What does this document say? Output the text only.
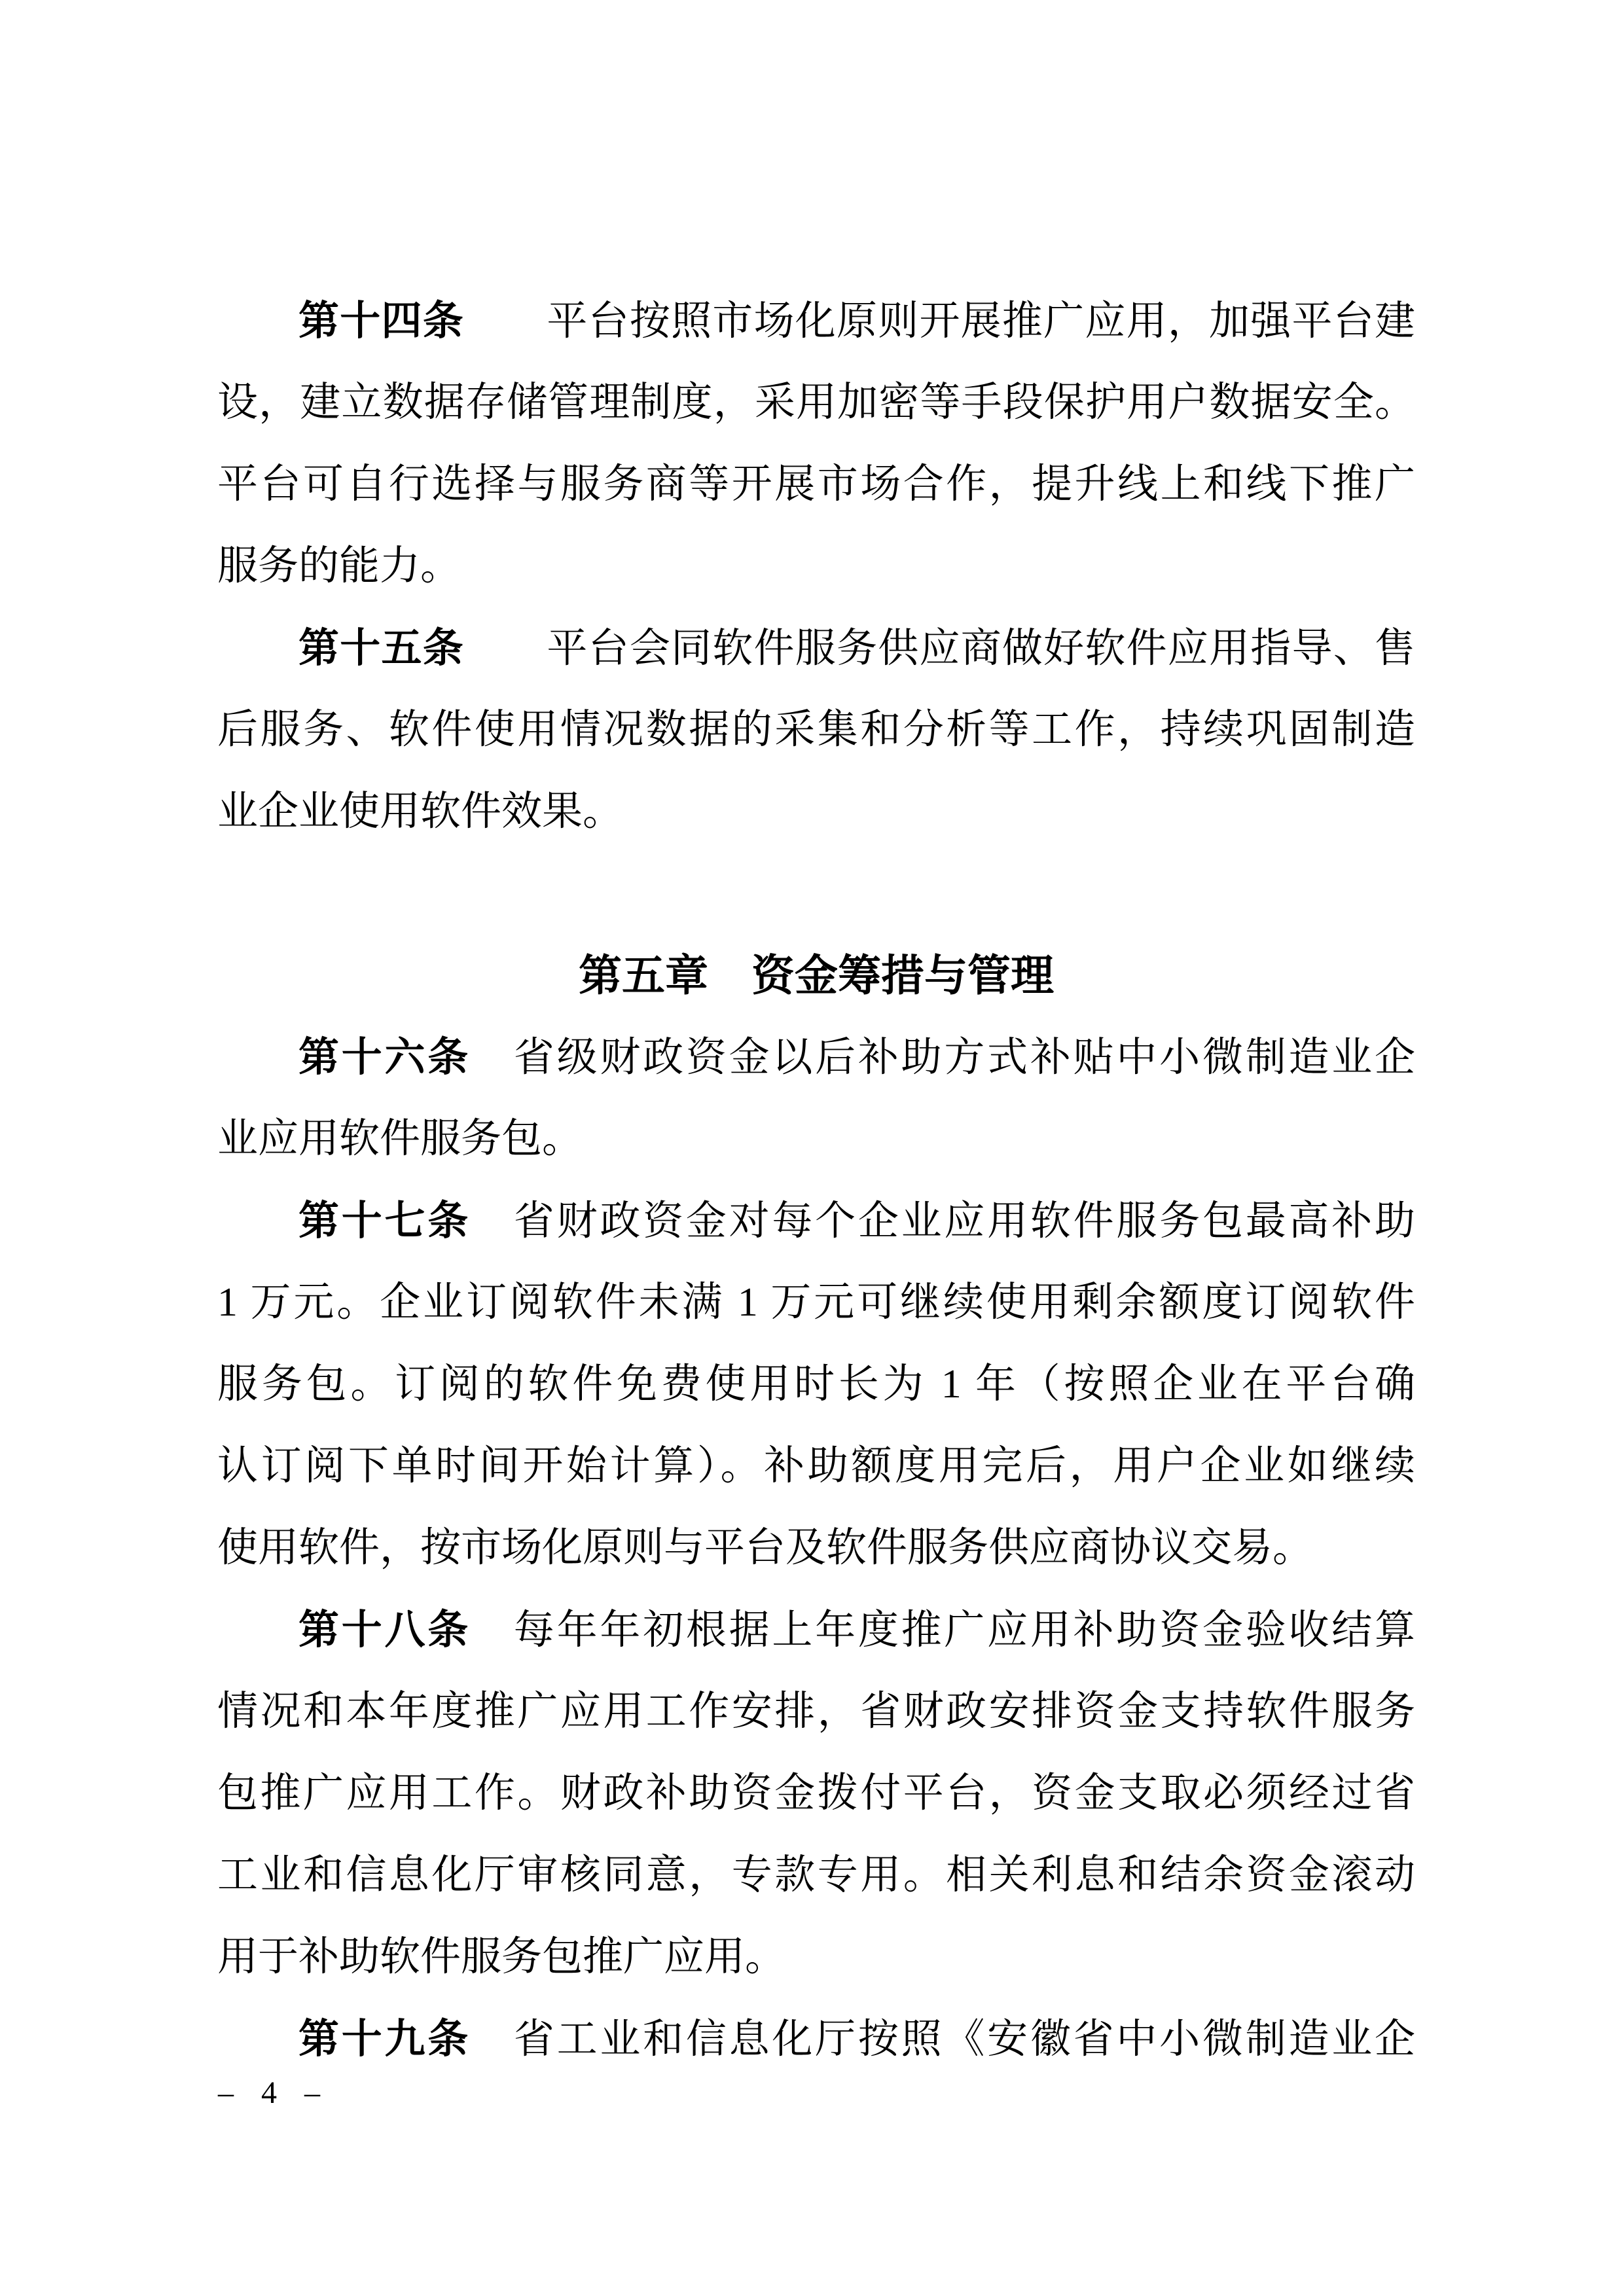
第十四条　　平台按照市场化原则开展推广应用，加强平台建
设，建立数据存储管理制度，采用加密等手段保护用户数据安全。
平台可自行选择与服务商等开展市场合作，提升线上和线下推广
服务的能力。
第十五条　　平台会同软件服务供应商做好软件应用指导、售
后服务、软件使用情况数据的采集和分析等工作，持续巩固制造
业企业使用软件效果。
第五章　资金筹措与管理
第十六条　省级财政资金以后补助方式补贴中小微制造业企
业应用软件服务包。
第十七条　省财政资金对每个企业应用软件服务包最高补助
1 万元。企业订阅软件未满 1 万元可继续使用剩余额度订阅软件
服务包。订阅的软件免费使用时长为 1 年（按照企业在平台确
认订阅下单时间开始计算）。补助额度用完后，用户企业如继续
使用软件，按市场化原则与平台及软件服务供应商协议交易。
第十八条　每年年初根据上年度推广应用补助资金验收结算
情况和本年度推广应用工作安排，省财政安排资金支持软件服务
包推广应用工作。财政补助资金拨付平台，资金支取必须经过省
工业和信息化厅审核同意，专款专用。相关利息和结余资金滚动
用于补助软件服务包推广应用。
第十九条　省工业和信息化厅按照《安徽省中小微制造业企
– 4 –
